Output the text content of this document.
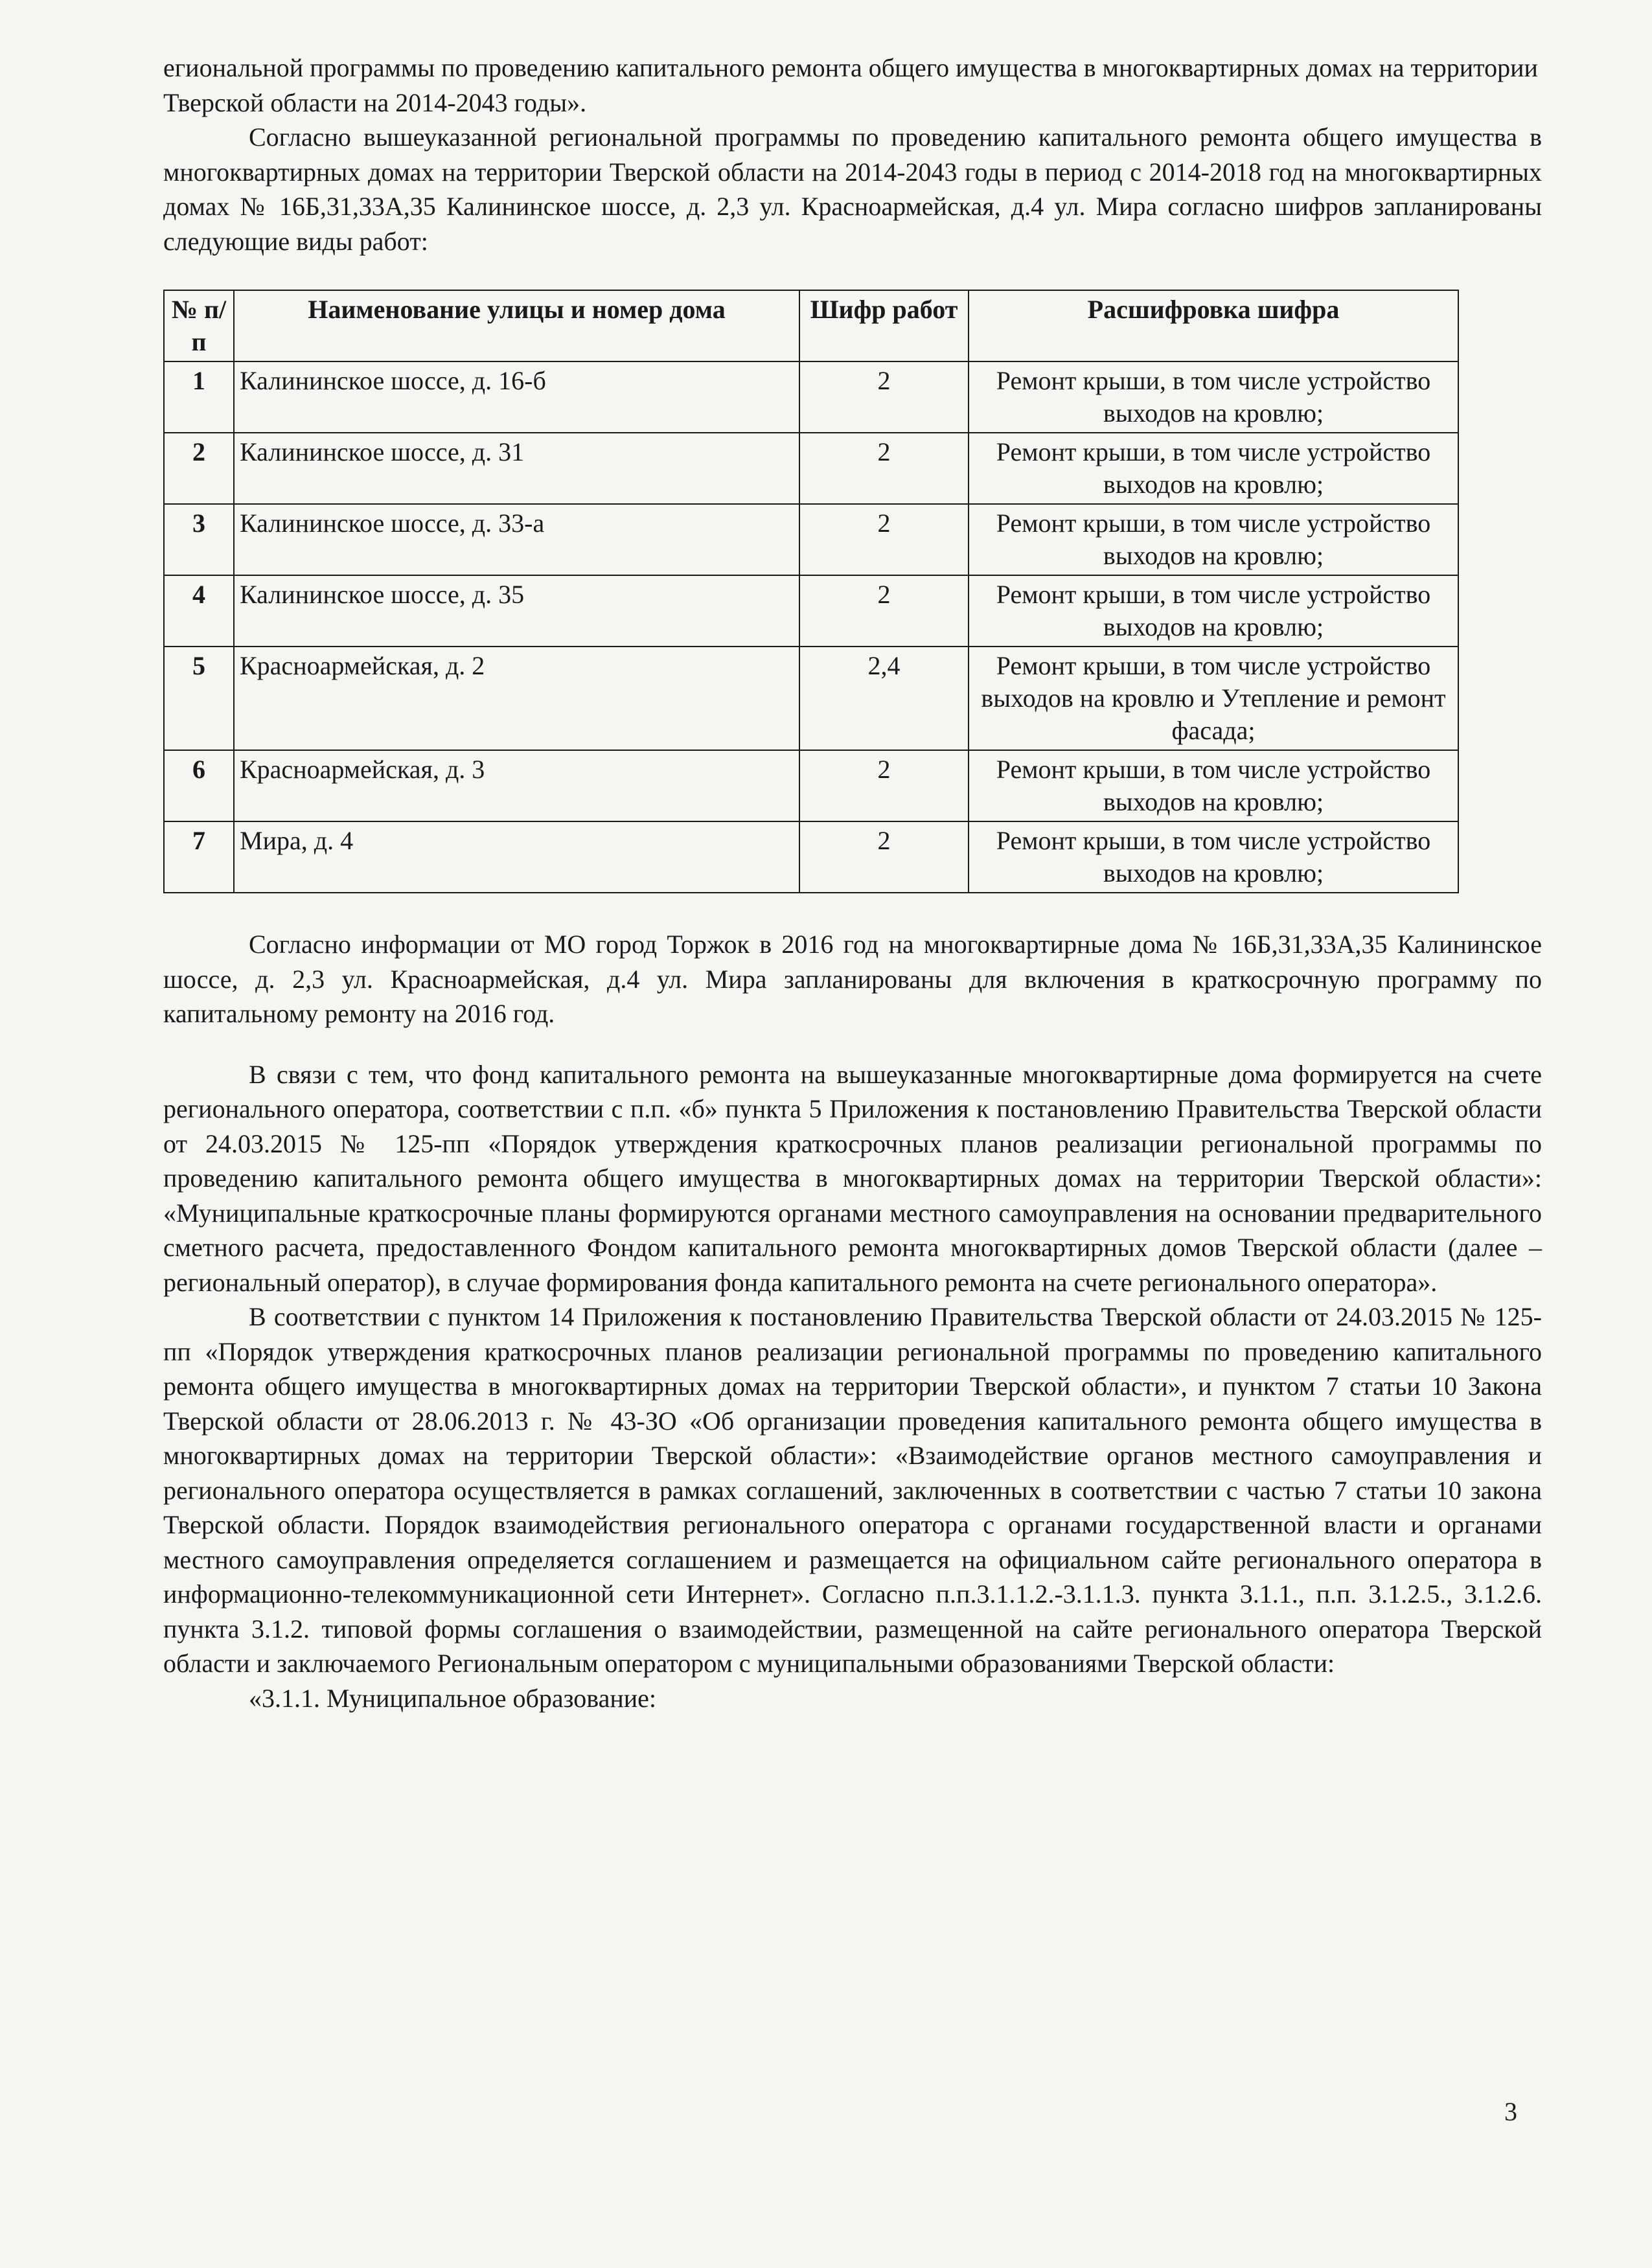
егиональной программы по проведению капитального ремонта общего имущества в многоквартирных домах на территории Тверской области на 2014-2043 годы».

Согласно вышеуказанной региональной программы по проведению капитального ремонта общего имущества в многоквартирных домах на территории Тверской области на 2014-2043 годы в период с 2014-2018 год на многоквартирных домах № 16Б,31,33А,35 Калининское шоссе, д. 2,3 ул. Красноармейская, д.4 ул. Мира согласно шифров запланированы следующие виды работ:

№ п/п	Наименование улицы и номер дома	Шифр работ	Расшифровка шифра
1	Калининское шоссе, д. 16-б	2	Ремонт крыши, в том числе устройство выходов на кровлю;
2	Калининское шоссе, д. 31	2	Ремонт крыши, в том числе устройство выходов на кровлю;
3	Калининское шоссе, д. 33-а	2	Ремонт крыши, в том числе устройство выходов на кровлю;
4	Калининское шоссе, д. 35	2	Ремонт крыши, в том числе устройство выходов на кровлю;
5	Красноармейская, д. 2	2,4	Ремонт крыши, в том числе устройство выходов на кровлю и Утепление и ремонт фасада;
6	Красноармейская, д. 3	2	Ремонт крыши, в том числе устройство выходов на кровлю;
7	Мира, д. 4	2	Ремонт крыши, в том числе устройство выходов на кровлю;

Согласно информации от МО город Торжок в 2016 год на многоквартирные дома № 16Б,31,33А,35 Калининское шоссе, д. 2,3 ул. Красноармейская, д.4 ул. Мира запланированы для включения в краткосрочную программу по капитальному ремонту на 2016 год.

В связи с тем, что фонд капитального ремонта на вышеуказанные многоквартирные дома формируется на счете регионального оператора, соответствии с п.п. «б» пункта 5 Приложения к постановлению Правительства Тверской области от 24.03.2015 № 125-пп «Порядок утверждения краткосрочных планов реализации региональной программы по проведению капитального ремонта общего имущества в многоквартирных домах на территории Тверской области»: «Муниципальные краткосрочные планы формируются органами местного самоуправления на основании предварительного сметного расчета, предоставленного Фондом капитального ремонта многоквартирных домов Тверской области (далее – региональный оператор), в случае формирования фонда капитального ремонта на счете регионального оператора».

В соответствии с пунктом 14 Приложения к постановлению Правительства Тверской области от 24.03.2015 № 125-пп «Порядок утверждения краткосрочных планов реализации региональной программы по проведению капитального ремонта общего имущества в многоквартирных домах на территории Тверской области», и пунктом 7 статьи 10 Закона Тверской области от 28.06.2013 г. № 43-ЗО «Об организации проведения капитального ремонта общего имущества в многоквартирных домах на территории Тверской области»: «Взаимодействие органов местного самоуправления и регионального оператора осуществляется в рамках соглашений, заключенных в соответствии с частью 7 статьи 10 закона Тверской области. Порядок взаимодействия регионального оператора с органами государственной власти и органами местного самоуправления определяется соглашением и размещается на официальном сайте регионального оператора в информационно-телекоммуникационной сети Интернет». Согласно п.п.3.1.1.2.-3.1.1.3. пункта 3.1.1., п.п. 3.1.2.5., 3.1.2.6. пункта 3.1.2. типовой формы соглашения о взаимодействии, размещенной на сайте регионального оператора Тверской области и заключаемого Региональным оператором с муниципальными образованиями Тверской области:

«3.1.1. Муниципальное образование:

3
